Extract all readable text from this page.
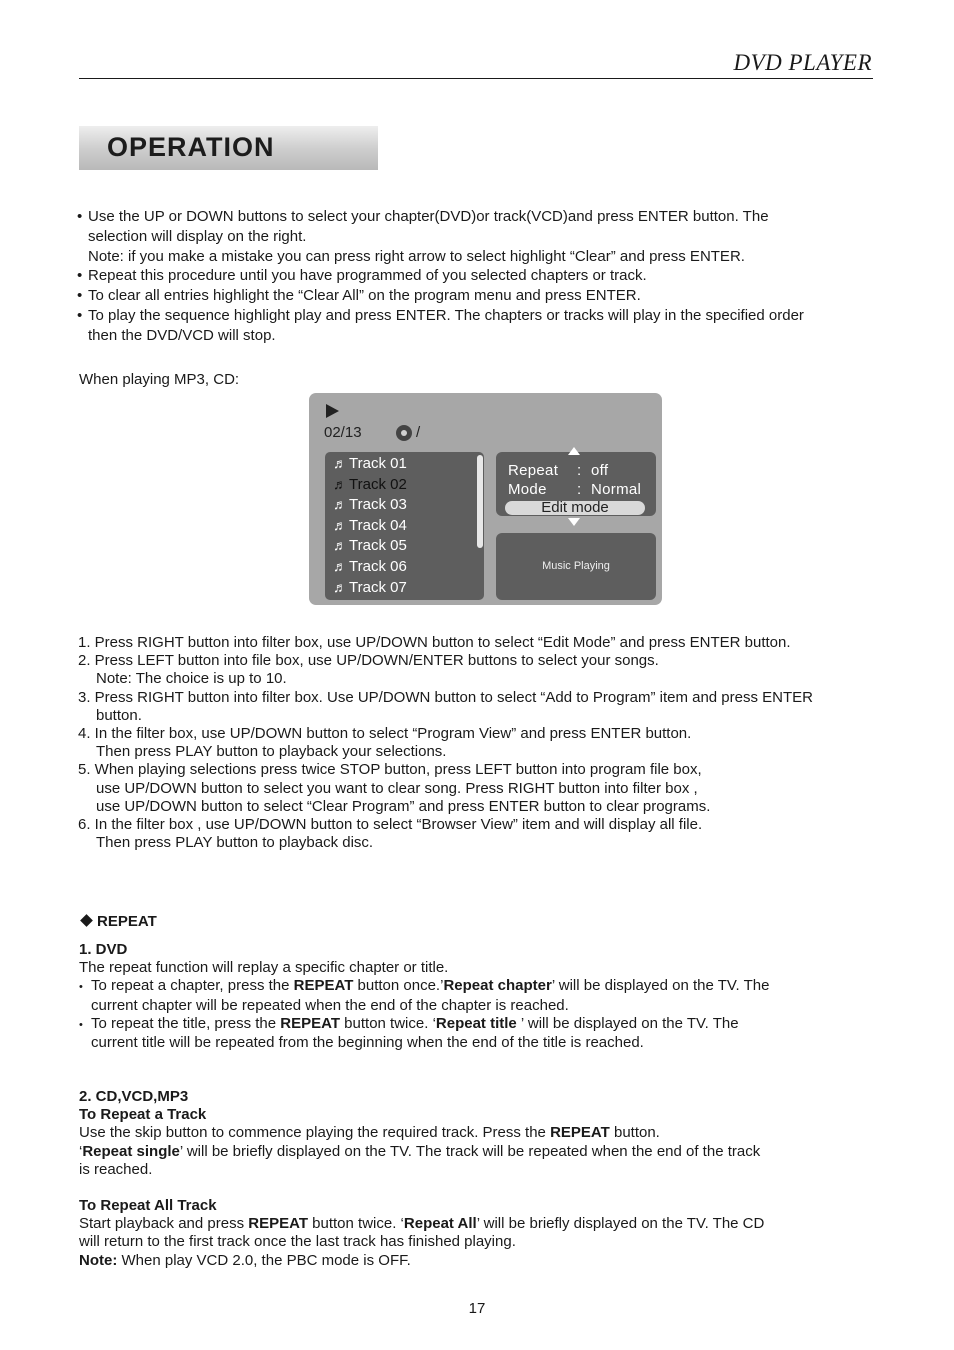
DVD PLAYER
OPERATION
• Use the UP or DOWN buttons to select your chapter(DVD)or track(VCD)and press ENTER button. The
selection will display on the right.
Note: if you make a mistake you can press right arrow to select highlight “Clear” and press ENTER.
• Repeat this procedure until you have programmed of you selected chapters or track.
• To clear all entries highlight the “Clear All” on the program menu and press ENTER.
• To play the sequence highlight play and press ENTER. The chapters or tracks will play in the specified order
then the DVD/VCD will stop.
When playing MP3, CD:
02/13	/
♬ Track 01
♬ Track 02
♬ Track 03
♬ Track 04
♬ Track 05
♬ Track 06
♬ Track 07
Repeat : off
Mode : Normal
Edit mode
Music Playing
1. Press RIGHT button into filter box, use UP/DOWN button to select “Edit Mode” and press ENTER button.
2. Press LEFT button into file box, use UP/DOWN/ENTER buttons to select your songs.
Note: The choice is up to 10.
3. Press RIGHT button into filter box. Use UP/DOWN button to select “Add to Program” item and press ENTER
button.
4. In the filter box, use UP/DOWN button to select “Program View” and press ENTER button.
Then press PLAY button to playback your selections.
5. When playing selections press twice STOP button, press LEFT button into program file box,
use UP/DOWN button to select you want to clear song. Press RIGHT button into filter box ,
use UP/DOWN button to select “Clear Program” and press ENTER button to clear programs.
6. In the filter box , use UP/DOWN button to select “Browser View” item and will display all file.
Then press PLAY button to playback disc.
REPEAT
1. DVD
The repeat function will replay a specific chapter or title.
• To repeat a chapter, press the REPEAT button once.’Repeat chapter’ will be displayed on the TV. The
current chapter will be repeated when the end of the chapter is reached.
• To repeat the title, press the REPEAT button twice. ‘Repeat title ’ will be displayed on the TV. The
current title will be repeated from the beginning when the end of the title is reached.
2. CD,VCD,MP3
To Repeat a Track
Use the skip button to commence playing the required track. Press the REPEAT button.
‘Repeat single’ will be briefly displayed on the TV. The track will be repeated when the end of the track
is reached.
To Repeat All Track
Start playback and press REPEAT button twice. ‘Repeat All’ will be briefly displayed on the TV. The CD
will return to the first track once the last track has finished playing.
Note: When play VCD 2.0, the PBC mode is OFF.
17
